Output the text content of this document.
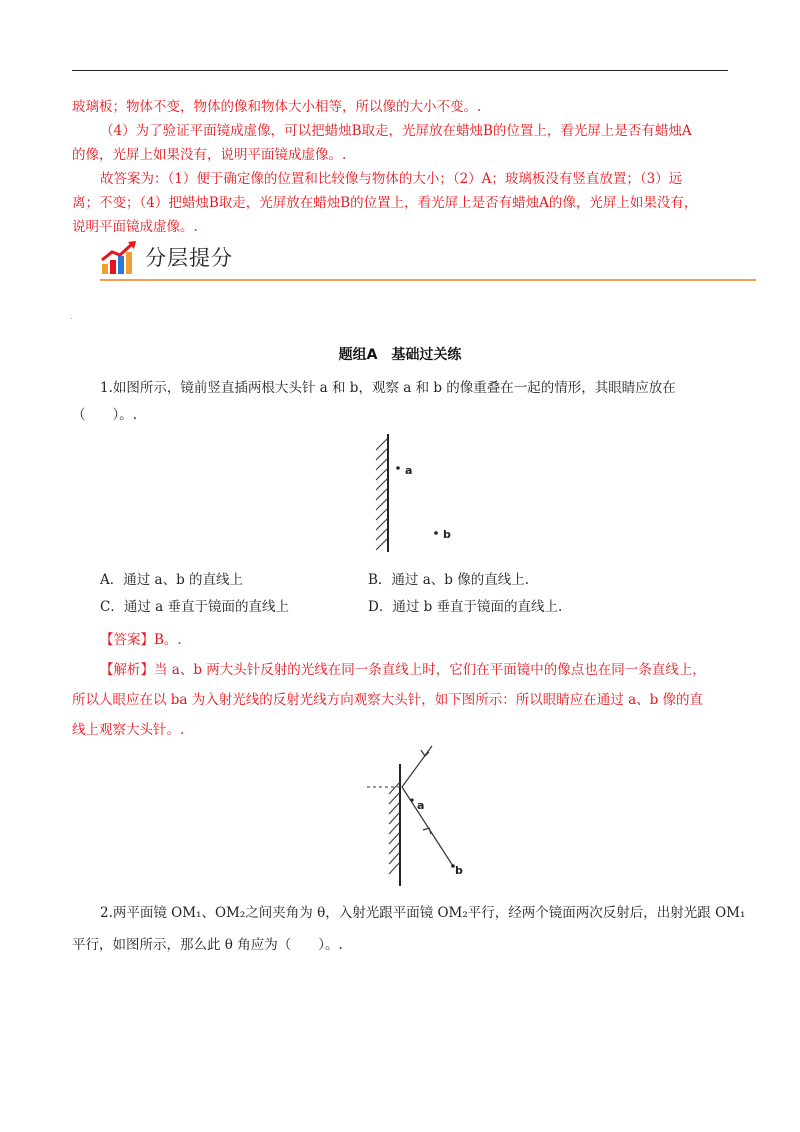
玻璃板；物体不变，物体的像和物体大小相等，所以像的大小不变。.
（4）为了验证平面镜成虚像，可以把蜡烛B取走，光屏放在蜡烛B的位置上，看光屏上是否有蜡烛A
的像，光屏上如果没有，说明平面镜成虚像。.
故答案为：（1）便于确定像的位置和比较像与物体的大小；（2）A；玻璃板没有竖直放置；（3）远
离；不变；（4）把蜡烛B取走，光屏放在蜡烛B的位置上，看光屏上是否有蜡烛A的像，光屏上如果没有，
说明平面镜成虚像。.
分层提分
.
题组A　基础过关练
1.如图所示，镜前竖直插两根大头针 a 和 b，观察 a 和 b 的像重叠在一起的情形，其眼睛应放在
（　　）。.
a
b
A．通过 a、b 的直线上	B．通过 a、b 像的直线上.
C．通过 a 垂直于镜面的直线上	D．通过 b 垂直于镜面的直线上.
【答案】B。.
【解析】当 a、b 两大头针反射的光线在同一条直线上时，它们在平面镜中的像点也在同一条直线上，
所以人眼应在以 ba 为入射光线的反射光线方向观察大头针，如下图所示：所以眼睛应在通过 a、b 像的直
线上观察大头针。.
a
b
2.两平面镜 OM₁、OM₂之间夹角为 θ，入射光跟平面镜 OM₂平行，经两个镜面两次反射后，出射光跟 OM₁
平行，如图所示，那么此 θ 角应为（　　）。.
